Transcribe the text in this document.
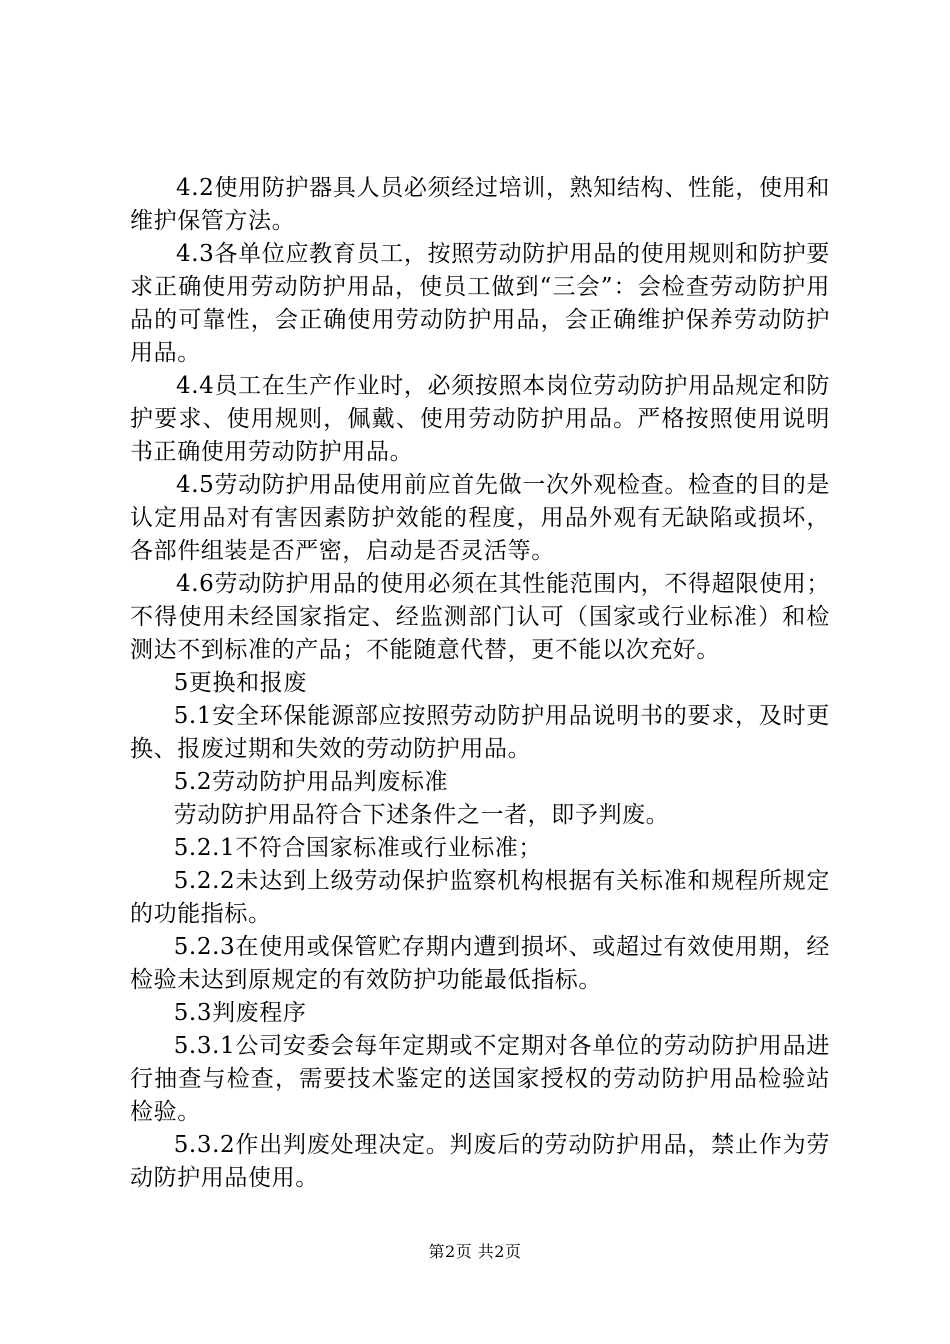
4.2使用防护器具人员必须经过培训，熟知结构、性能，使用和维护保管方法。

4.3各单位应教育员工，按照劳动防护用品的使用规则和防护要求正确使用劳动防护用品，使员工做到“三会”：会检查劳动防护用品的可靠性，会正确使用劳动防护用品，会正确维护保养劳动防护用品。

4.4员工在生产作业时，必须按照本岗位劳动防护用品规定和防护要求、使用规则，佩戴、使用劳动防护用品。严格按照使用说明书正确使用劳动防护用品。

4.5劳动防护用品使用前应首先做一次外观检查。检查的目的是认定用品对有害因素防护效能的程度，用品外观有无缺陷或损坏，各部件组装是否严密，启动是否灵活等。

4.6劳动防护用品的使用必须在其性能范围内，不得超限使用；不得使用未经国家指定、经监测部门认可（国家或行业标准）和检测达不到标准的产品；不能随意代替，更不能以次充好。

5更换和报废

5.1安全环保能源部应按照劳动防护用品说明书的要求，及时更换、报废过期和失效的劳动防护用品。

5.2劳动防护用品判废标准

劳动防护用品符合下述条件之一者，即予判废。

5.2.1不符合国家标准或行业标准；

5.2.2未达到上级劳动保护监察机构根据有关标准和规程所规定的功能指标。

5.2.3在使用或保管贮存期内遭到损坏、或超过有效使用期，经检验未达到原规定的有效防护功能最低指标。

5.3判废程序

5.3.1公司安委会每年定期或不定期对各单位的劳动防护用品进行抽查与检查，需要技术鉴定的送国家授权的劳动防护用品检验站检验。

5.3.2作出判废处理决定。判废后的劳动防护用品，禁止作为劳动防护用品使用。

第2页 共2页
